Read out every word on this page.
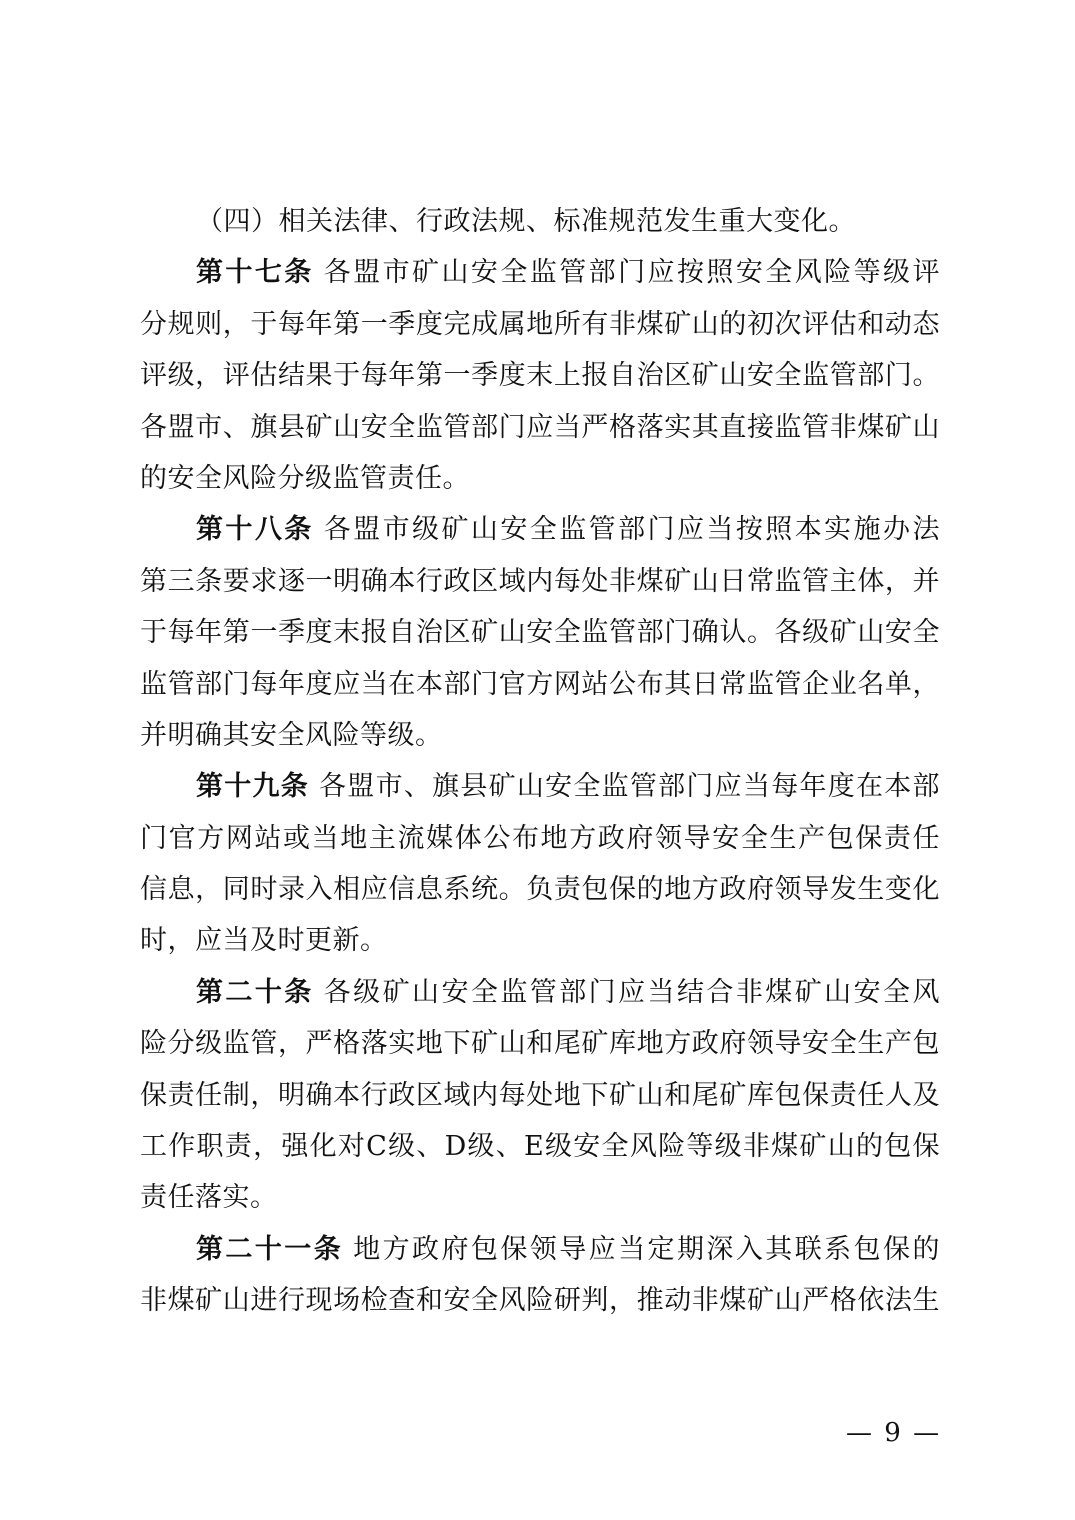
（四）相关法律、行政法规、标准规范发生重大变化。
第十七条 各盟市矿山安全监管部门应按照安全风险等级评
分规则，于每年第一季度完成属地所有非煤矿山的初次评估和动态
评级，评估结果于每年第一季度末上报自治区矿山安全监管部门。
各盟市、旗县矿山安全监管部门应当严格落实其直接监管非煤矿山
的安全风险分级监管责任。
第十八条 各盟市级矿山安全监管部门应当按照本实施办法
第三条要求逐一明确本行政区域内每处非煤矿山日常监管主体，并
于每年第一季度末报自治区矿山安全监管部门确认。各级矿山安全
监管部门每年度应当在本部门官方网站公布其日常监管企业名单，
并明确其安全风险等级。
第十九条 各盟市、旗县矿山安全监管部门应当每年度在本部
门官方网站或当地主流媒体公布地方政府领导安全生产包保责任
信息，同时录入相应信息系统。负责包保的地方政府领导发生变化
时，应当及时更新。
第二十条 各级矿山安全监管部门应当结合非煤矿山安全风
险分级监管，严格落实地下矿山和尾矿库地方政府领导安全生产包
保责任制，明确本行政区域内每处地下矿山和尾矿库包保责任人及
工作职责，强化对C级、D级、E级安全风险等级非煤矿山的包保
责任落实。
第二十一条 地方政府包保领导应当定期深入其联系包保的
非煤矿山进行现场检查和安全风险研判，推动非煤矿山严格依法生
— 9 —
